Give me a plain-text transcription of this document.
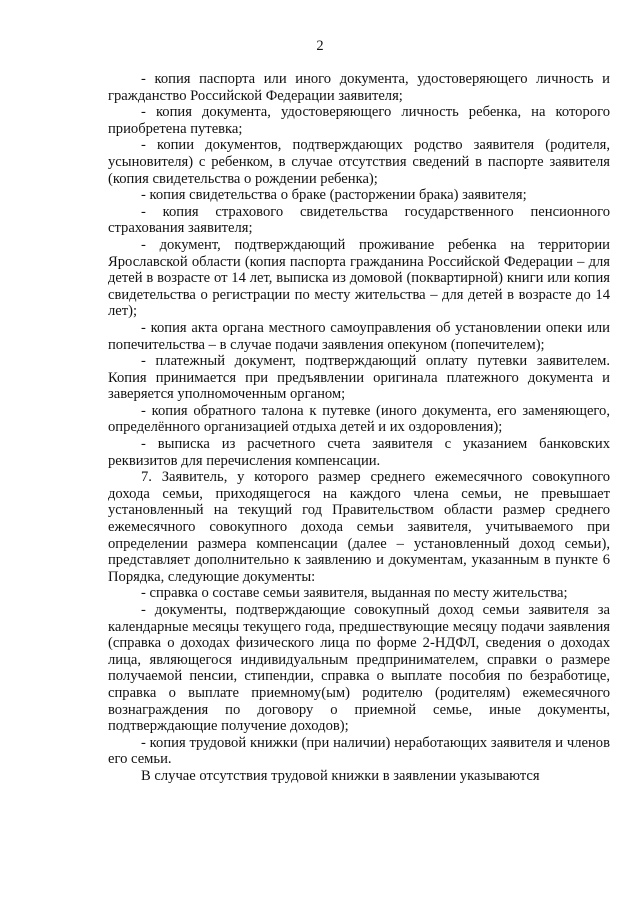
2

- копия паспорта или иного документа, удостоверяющего личность и гражданство Российской Федерации заявителя;

- копия документа, удостоверяющего личность ребенка, на которого приобретена путевка;

- копии документов, подтверждающих родство заявителя (родителя, усыновителя) с ребенком, в случае отсутствия сведений в паспорте заявителя (копия свидетельства о рождении ребенка);

- копия свидетельства о браке (расторжении брака) заявителя;

- копия страхового свидетельства государственного пенсионного страхования заявителя;

- документ, подтверждающий проживание ребенка на территории Ярославской области (копия паспорта гражданина Российской Федерации – для детей в возрасте от 14 лет, выписка из домовой (поквартирной) книги или копия свидетельства о регистрации по месту жительства – для детей в возрасте до 14 лет);

- копия акта органа местного самоуправления об установлении опеки или попечительства – в случае подачи заявления опекуном (попечителем);

- платежный документ, подтверждающий оплату путевки заявителем. Копия принимается при предъявлении оригинала платежного документа и заверяется уполномоченным органом;

- копия обратного талона к путевке (иного документа, его заменяющего, определённого организацией отдыха детей и их оздоровления);

- выписка из расчетного счета заявителя с указанием банковских реквизитов для перечисления компенсации.

7. Заявитель, у которого размер среднего ежемесячного совокупного дохода семьи, приходящегося на каждого члена семьи, не превышает установленный на текущий год Правительством области размер среднего ежемесячного совокупного дохода семьи заявителя, учитываемого при определении размера компенсации (далее – установленный доход семьи), представляет дополнительно к заявлению и документам, указанным в пункте 6 Порядка, следующие документы:

- справка о составе семьи заявителя, выданная по месту жительства;

- документы, подтверждающие совокупный доход семьи заявителя за календарные месяцы текущего года, предшествующие месяцу подачи заявления (справка о доходах физического лица по форме 2-НДФЛ, сведения о доходах лица, являющегося индивидуальным предпринимателем, справки о размере получаемой пенсии, стипендии, справка о выплате пособия по безработице, справка о выплате приемному(ым) родителю (родителям) ежемесячного вознаграждения по договору о приемной семье, иные документы, подтверждающие получение доходов);

- копия трудовой книжки (при наличии) неработающих заявителя и членов его семьи.

В случае отсутствия трудовой книжки в заявлении указываются
